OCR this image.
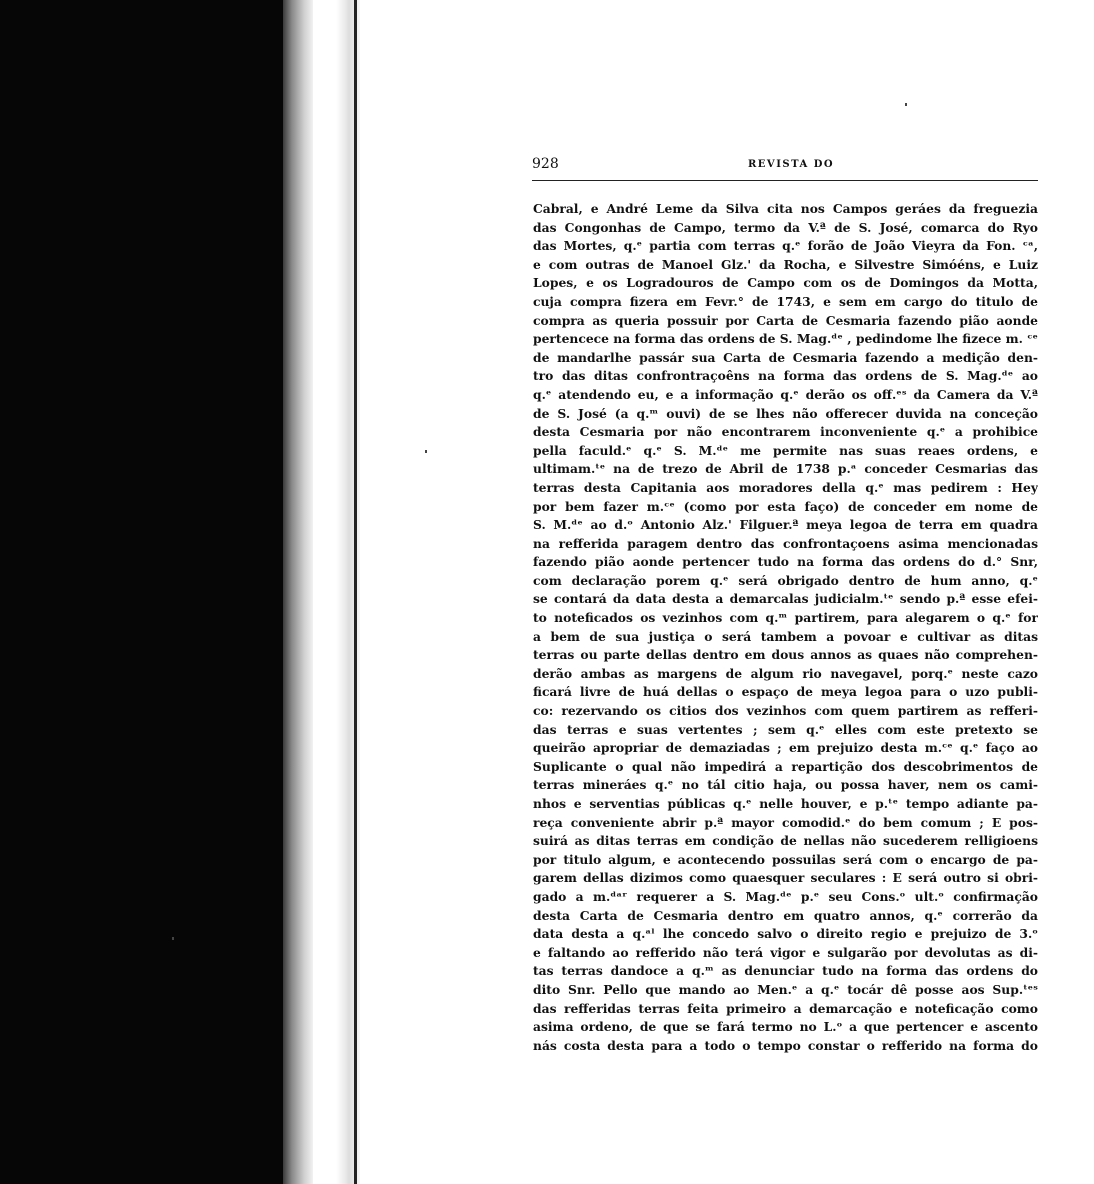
928	REVISTA DO
Cabral, e André Leme da Silva cita nos Campos geráes da freguezia
das Congonhas de Campo, termo da V.ª de S. José, comarca do Ryo
das Mortes, q.ᵉ partia com terras q.ᵉ forão de João Vieyra da Fon. ᶜᵃ,
e com outras de Manoel Glz.' da Rocha, e Silvestre Simóéns, e Luiz
Lopes, e os Logradouros de Campo com os de Domingos da Motta,
cuja compra fizera em Fevr.° de 1743, e sem em cargo do titulo de
compra as queria possuir por Carta de Cesmaria fazendo pião aonde
pertencece na forma das ordens de S. Mag.ᵈᵉ , pedindome lhe fizece m. ᶜᵉ
de mandarlhe passár sua Carta de Cesmaria fazendo a medição den-
tro das ditas confrontraçoêns na forma das ordens de S. Mag.ᵈᵉ ao
q.ᵉ atendendo eu, e a informação q.ᵉ derão os off.ᵉˢ da Camera da V.ª
de S. José (a q.ᵐ ouvi) de se lhes não offerecer duvida na conceção
desta Cesmaria por não encontrarem inconveniente q.ᵉ a prohibice
pella faculd.ᵉ q.ᵉ S. M.ᵈᵉ me permite nas suas reaes ordens, e
ultimam.ᵗᵉ na de trezo de Abril de 1738 p.ᵃ conceder Cesmarias das
terras desta Capitania aos moradores della q.ᵉ mas pedirem : Hey
por bem fazer m.ᶜᵉ (como por esta faço) de conceder em nome de
S. M.ᵈᵉ ao d.ᵒ Antonio Alz.' Filguer.ª meya legoa de terra em quadra
na refferida paragem dentro das confrontaçoens asima mencionadas
fazendo pião aonde pertencer tudo na forma das ordens do d.° Snr,
com declaração porem q.ᵉ será obrigado dentro de hum anno, q.ᵉ
se contará da data desta a demarcalas judicialm.ᵗᵉ sendo p.ª esse efei-
to noteficados os vezinhos com q.ᵐ partirem, para alegarem o q.ᵉ for
a bem de sua justiça o será tambem a povoar e cultivar as ditas
terras ou parte dellas dentro em dous annos as quaes não comprehen-
derão ambas as margens de algum rio navegavel, porq.ᵉ neste cazo
ficará livre de huá dellas o espaço de meya legoa para o uzo publi-
co: rezervando os citios dos vezinhos com quem partirem as refferi-
das terras e suas vertentes ; sem q.ᵉ elles com este pretexto se
queirão apropriar de demaziadas ; em prejuizo desta m.ᶜᵉ q.ᵉ faço ao
Suplicante o qual não impedirá a repartição dos descobrimentos de
terras mineráes q.ᵉ no tál citio haja, ou possa haver, nem os cami-
nhos e serventias públicas q.ᵉ nelle houver, e p.ᵗᵉ tempo adiante pa-
reça conveniente abrir p.ª mayor comodid.ᵉ do bem comum ; E pos-
suirá as ditas terras em condição de nellas não sucederem relligioens
por titulo algum, e acontecendo possuilas será com o encargo de pa-
garem dellas dizimos como quaesquer seculares : E será outro si obri-
gado a m.ᵈᵃʳ requerer a S. Mag.ᵈᵉ p.ᵉ seu Cons.ᵒ ult.ᵒ confirmação
desta Carta de Cesmaria dentro em quatro annos, q.ᵉ correrão da
data desta a q.ᵃˡ lhe concedo salvo o direito regio e prejuizo de 3.ᵒ
e faltando ao refferido não terá vigor e sulgarão por devolutas as di-
tas terras dandoce a q.ᵐ as denunciar tudo na forma das ordens do
dito Snr. Pello que mando ao Men.ᵉ a q.ᵉ tocár dê posse aos Sup.ᵗᵉˢ
das refferidas terras feita primeiro a demarcação e noteficação como
asima ordeno, de que se fará termo no L.ᵒ a que pertencer e ascento
nás costa desta para a todo o tempo constar o refferido na forma do
